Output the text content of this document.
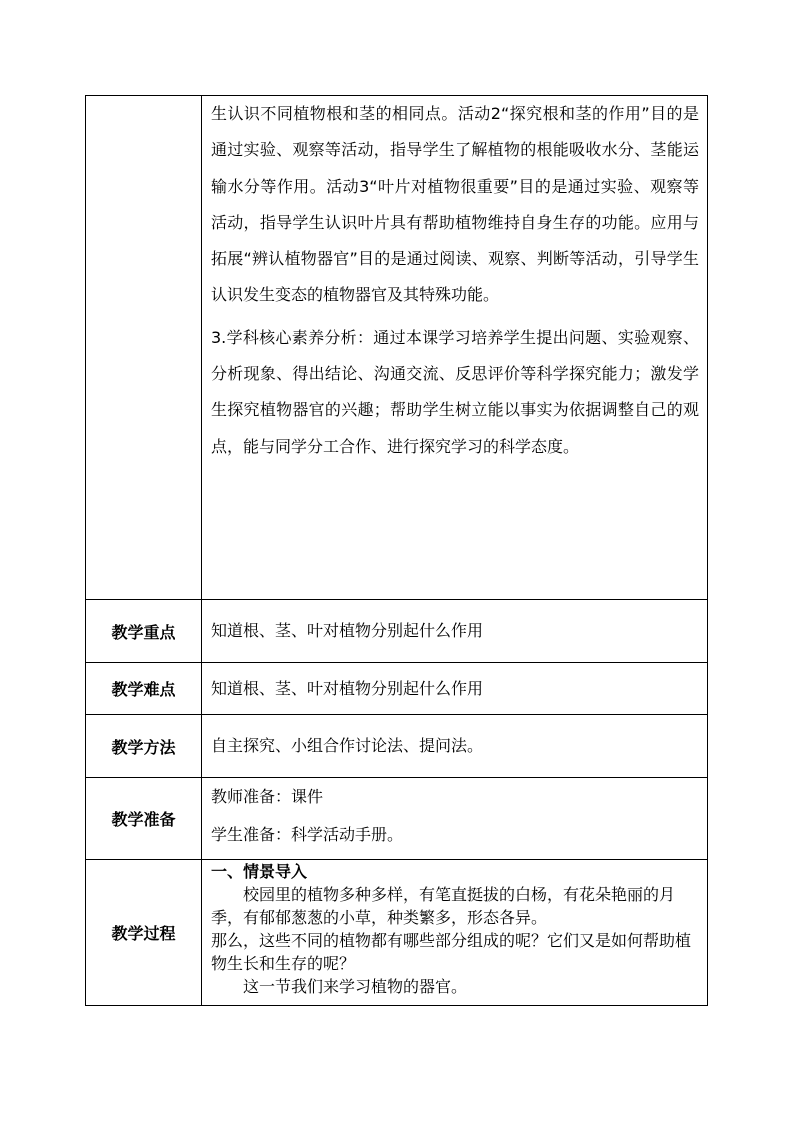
	生认识不同植物根和茎的相同点。活动2“探究根和茎的作用”目的是通过实验、观察等活动，指导学生了解植物的根能吸收水分、茎能运输水分等作用。活动3“叶片对植物很重要”目的是通过实验、观察等活动，指导学生认识叶片具有帮助植物维持自身生存的功能。应用与拓展“辨认植物器官”目的是通过阅读、观察、判断等活动，引导学生认识发生变态的植物器官及其特殊功能。

3.学科核心素养分析：通过本课学习培养学生提出问题、实验观察、分析现象、得出结论、沟通交流、反思评价等科学探究能力；激发学生探究植物器官的兴趣；帮助学生树立能以事实为依据调整自己的观点，能与同学分工合作、进行探究学习的科学态度。

教学重点	知道根、茎、叶对植物分别起什么作用
教学难点	知道根、茎、叶对植物分别起什么作用
教学方法	自主探究、小组合作讨论法、提问法。
教学准备	教师准备：课件
学生准备：科学活动手册。

教学过程	一、情景导入

校园里的植物多种多样，有笔直挺拔的白杨，有花朵艳丽的月季，有郁郁葱葱的小草，种类繁多，形态各异。

那么，这些不同的植物都有哪些部分组成的呢？它们又是如何帮助植物生长和生存的呢？

这一节我们来学习植物的器官。
